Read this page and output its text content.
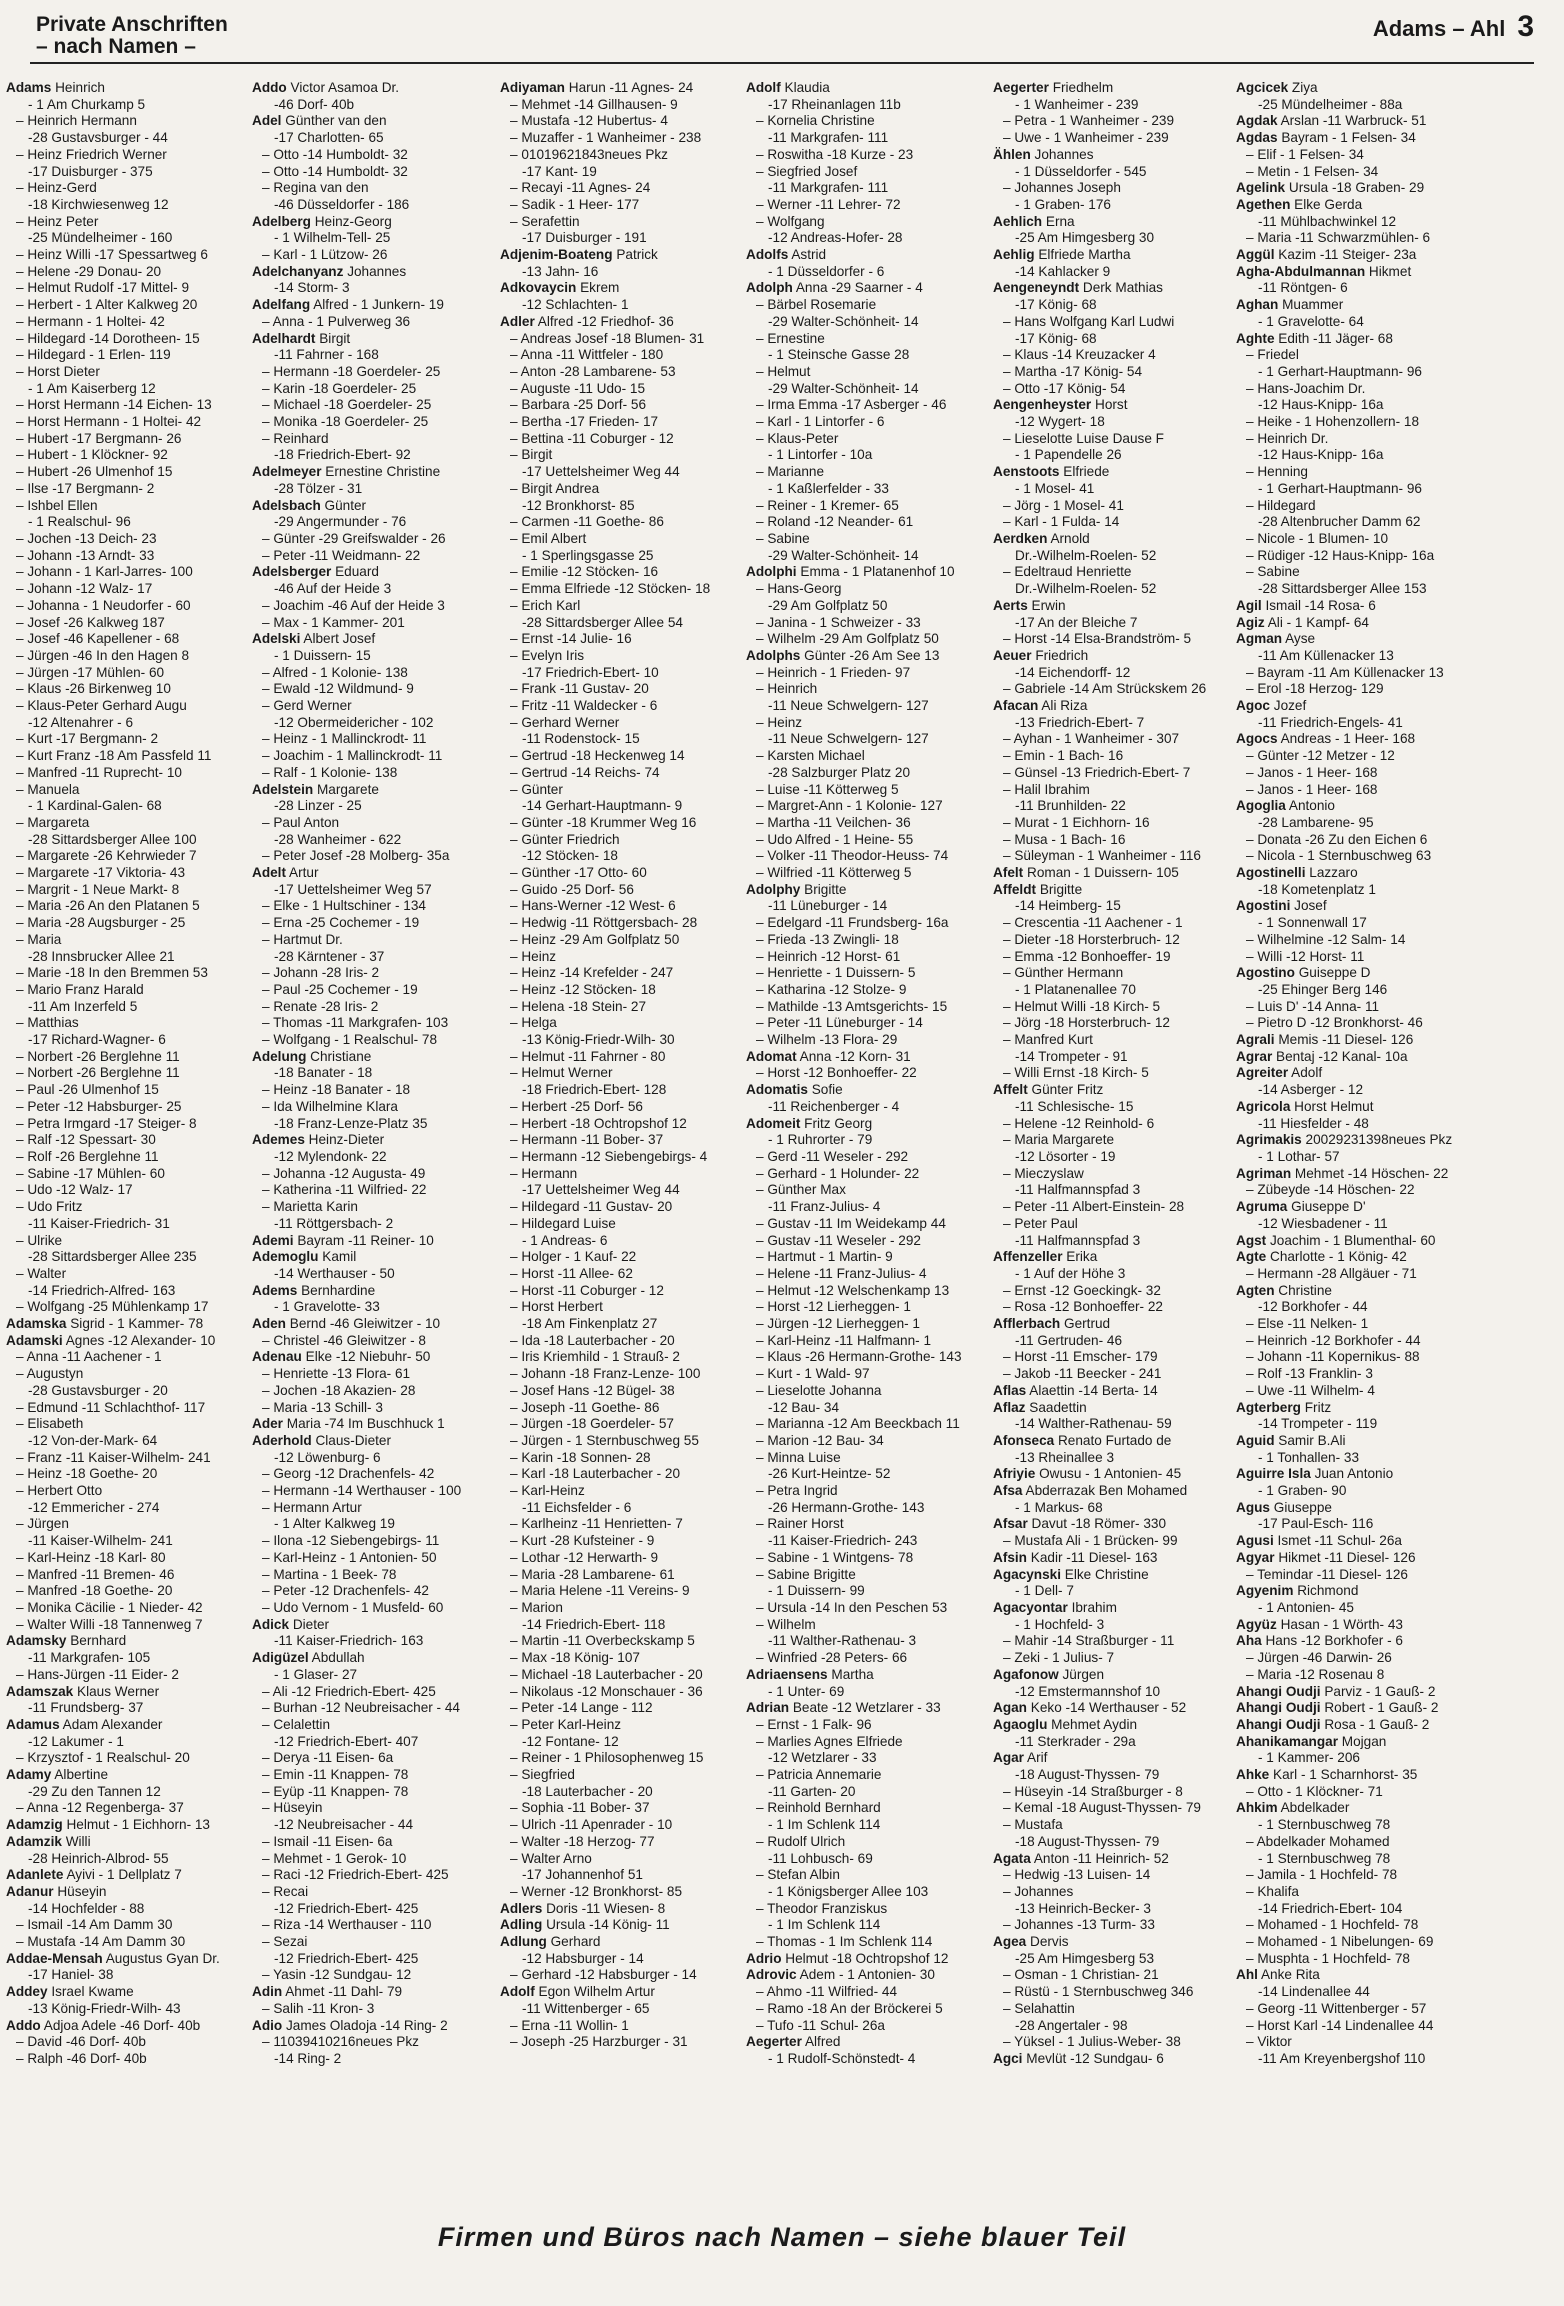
Private Anschriften
– nach Namen –
Adams – Ahl 3
Adams Heinrich
- 1 Am Churkamp 5
– Heinrich Hermann
-28 Gustavsburger - 44
– Heinz Friedrich Werner
-17 Duisburger - 375
– Heinz-Gerd
-18 Kirchwiesenweg 12
– Heinz Peter
-25 Mündelheimer - 160
– Heinz Willi -17 Spessartweg 6
– Helene -29 Donau- 20
– Helmut Rudolf -17 Mittel- 9
– Herbert - 1 Alter Kalkweg 20
– Hermann - 1 Holtei- 42
– Hildegard -14 Dorotheen- 15
– Hildegard - 1 Erlen- 119
– Horst Dieter
- 1 Am Kaiserberg 12
– Horst Hermann -14 Eichen- 13
– Horst Hermann - 1 Holtei- 42
– Hubert -17 Bergmann- 26
– Hubert - 1 Klöckner- 92
– Hubert -26 Ulmenhof 15
– Ilse -17 Bergmann- 2
– Ishbel Ellen
- 1 Realschul- 96
– Jochen -13 Deich- 23
– Johann -13 Arndt- 33
– Johann - 1 Karl-Jarres- 100
– Johann -12 Walz- 17
– Johanna - 1 Neudorfer - 60
– Josef -26 Kalkweg 187
– Josef -46 Kapellener - 68
– Jürgen -46 In den Hagen 8
– Jürgen -17 Mühlen- 60
– Klaus -26 Birkenweg 10
– Klaus-Peter Gerhard Augu
-12 Altenahrer - 6
– Kurt -17 Bergmann- 2
– Kurt Franz -18 Am Passfeld 11
– Manfred -11 Ruprecht- 10
– Manuela
- 1 Kardinal-Galen- 68
– Margareta
-28 Sittardsberger Allee 100
– Margarete -26 Kehrwieder 7
– Margarete -17 Viktoria- 43
– Margrit - 1 Neue Markt- 8
– Maria -26 An den Platanen 5
– Maria -28 Augsburger - 25
– Maria
-28 Innsbrucker Allee 21
– Marie -18 In den Bremmen 53
– Mario Franz Harald
-11 Am Inzerfeld 5
– Matthias
-17 Richard-Wagner- 6
– Norbert -26 Berglehne 11
– Norbert -26 Berglehne 11
– Paul -26 Ulmenhof 15
– Peter -12 Habsburger- 25
– Petra Irmgard -17 Steiger- 8
– Ralf -12 Spessart- 30
– Rolf -26 Berglehne 11
– Sabine -17 Mühlen- 60
– Udo -12 Walz- 17
– Udo Fritz
-11 Kaiser-Friedrich- 31
– Ulrike
-28 Sittardsberger Allee 235
– Walter
-14 Friedrich-Alfred- 163
– Wolfgang -25 Mühlenkamp 17
Adamska Sigrid - 1 Kammer- 78
Adamski Agnes -12 Alexander- 10
– Anna -11 Aachener - 1
– Augustyn
-28 Gustavsburger - 20
– Edmund -11 Schlachthof- 117
– Elisabeth
-12 Von-der-Mark- 64
– Franz -11 Kaiser-Wilhelm- 241
– Heinz -18 Goethe- 20
– Herbert Otto
-12 Emmericher - 274
– Jürgen
-11 Kaiser-Wilhelm- 241
– Karl-Heinz -18 Karl- 80
– Manfred -11 Bremen- 46
– Manfred -18 Goethe- 20
– Monika Cäcilie - 1 Nieder- 42
– Walter Willi -18 Tannenweg 7
Adamsky Bernhard
-11 Markgrafen- 105
– Hans-Jürgen -11 Eider- 2
Adamszak Klaus Werner
-11 Frundsberg- 37
Adamus Adam Alexander
-12 Lakumer - 1
– Krzysztof - 1 Realschul- 20
Adamy Albertine
-29 Zu den Tannen 12
– Anna -12 Regenberga- 37
Adamzig Helmut - 1 Eichhorn- 13
Adamzik Willi
-28 Heinrich-Albrod- 55
Adanlete Ayivi - 1 Dellplatz 7
Adanur Hüseyin
-14 Hochfelder - 88
– Ismail -14 Am Damm 30
– Mustafa -14 Am Damm 30
Addae-Mensah Augustus Gyan Dr.
-17 Haniel- 38
Addey Israel Kwame
-13 König-Friedr-Wilh- 43
Addo Adjoa Adele -46 Dorf- 40b
– David -46 Dorf- 40b
– Ralph -46 Dorf- 40b
Addo Victor Asamoa Dr.
-46 Dorf- 40b
Adel Günther van den
-17 Charlotten- 65
– Otto -14 Humboldt- 32
– Otto -14 Humboldt- 32
– Regina van den
-46 Düsseldorfer - 186
Adelberg Heinz-Georg
- 1 Wilhelm-Tell- 25
– Karl - 1 Lützow- 26
Adelchanyanz Johannes
-14 Storm- 3
Adelfang Alfred - 1 Junkern- 19
– Anna - 1 Pulverweg 36
Adelhardt Birgit
-11 Fahrner - 168
– Hermann -18 Goerdeler- 25
– Karin -18 Goerdeler- 25
– Michael -18 Goerdeler- 25
– Monika -18 Goerdeler- 25
– Reinhard
-18 Friedrich-Ebert- 92
Adelmeyer Ernestine Christine
-28 Tölzer - 31
Adelsbach Günter
-29 Angermunder - 76
– Günter -29 Greifswalder - 26
– Peter -11 Weidmann- 22
Adelsberger Eduard
-46 Auf der Heide 3
– Joachim -46 Auf der Heide 3
– Max - 1 Kammer- 201
Adelski Albert Josef
- 1 Duissern- 15
– Alfred - 1 Kolonie- 138
– Ewald -12 Wildmund- 9
– Gerd Werner
-12 Obermeidericher - 102
– Heinz - 1 Mallinckrodt- 11
– Joachim - 1 Mallinckrodt- 11
– Ralf - 1 Kolonie- 138
Adelstein Margarete
-28 Linzer - 25
– Paul Anton
-28 Wanheimer - 622
– Peter Josef -28 Molberg- 35a
Adelt Artur
-17 Uettelsheimer Weg 57
– Elke - 1 Hultschiner - 134
– Erna -25 Cochemer - 19
– Hartmut Dr.
-28 Kärntener - 37
– Johann -28 Iris- 2
– Paul -25 Cochemer - 19
– Renate -28 Iris- 2
– Thomas -11 Markgrafen- 103
– Wolfgang - 1 Realschul- 78
Adelung Christiane
-18 Banater - 18
– Heinz -18 Banater - 18
– Ida Wilhelmine Klara
-18 Franz-Lenze-Platz 35
Ademes Heinz-Dieter
-12 Mylendonk- 22
– Johanna -12 Augusta- 49
– Katherina -11 Wilfried- 22
– Marietta Karin
-11 Röttgersbach- 2
Ademi Bayram -11 Reiner- 10
Ademoglu Kamil
-14 Werthauser - 50
Adems Bernhardine
- 1 Gravelotte- 33
Aden Bernd -46 Gleiwitzer - 10
– Christel -46 Gleiwitzer - 8
Adenau Elke -12 Niebuhr- 50
– Henriette -13 Flora- 61
– Jochen -18 Akazien- 28
– Maria -13 Schill- 3
Ader Maria -74 Im Buschhuck 1
Aderhold Claus-Dieter
-12 Löwenburg- 6
– Georg -12 Drachenfels- 42
– Hermann -14 Werthauser - 100
– Hermann Artur
- 1 Alter Kalkweg 19
– Ilona -12 Siebengebirgs- 11
– Karl-Heinz - 1 Antonien- 50
– Martina - 1 Beek- 78
– Peter -12 Drachenfels- 42
– Udo Vernom - 1 Musfeld- 60
Adick Dieter
-11 Kaiser-Friedrich- 163
Adigüzel Abdullah
- 1 Glaser- 27
– Ali -12 Friedrich-Ebert- 425
– Burhan -12 Neubreisacher - 44
– Celalettin
-12 Friedrich-Ebert- 407
– Derya -11 Eisen- 6a
– Emin -11 Knappen- 78
– Eyüp -11 Knappen- 78
– Hüseyin
-12 Neubreisacher - 44
– Ismail -11 Eisen- 6a
– Mehmet - 1 Gerok- 10
– Raci -12 Friedrich-Ebert- 425
– Recai
-12 Friedrich-Ebert- 425
– Riza -14 Werthauser - 110
– Sezai
-12 Friedrich-Ebert- 425
– Yasin -12 Sundgau- 12
Adin Ahmet -11 Dahl- 79
– Salih -11 Kron- 3
Adio James Oladoja -14 Ring- 2
– 11039410216neues Pkz
-14 Ring- 2
Adiyaman Harun -11 Agnes- 24
– Mehmet -14 Gillhausen- 9
– Mustafa -12 Hubertus- 4
– Muzaffer - 1 Wanheimer - 238
– 01019621843neues Pkz
-17 Kant- 19
– Recayi -11 Agnes- 24
– Sadik - 1 Heer- 177
– Serafettin
-17 Duisburger - 191
Adjenim-Boateng Patrick
-13 Jahn- 16
Adkovaycin Ekrem
-12 Schlachten- 1
Adler Alfred -12 Friedhof- 36
– Andreas Josef -18 Blumen- 31
– Anna -11 Wittfeler - 180
– Anton -28 Lambarene- 53
– Auguste -11 Udo- 15
– Barbara -25 Dorf- 56
– Bertha -17 Frieden- 17
– Bettina -11 Coburger - 12
– Birgit
-17 Uettelsheimer Weg 44
– Birgit Andrea
-12 Bronkhorst- 85
– Carmen -11 Goethe- 86
– Emil Albert
- 1 Sperlingsgasse 25
– Emilie -12 Stöcken- 16
– Emma Elfriede -12 Stöcken- 18
– Erich Karl
-28 Sittardsberger Allee 54
– Ernst -14 Julie- 16
– Evelyn Iris
-17 Friedrich-Ebert- 10
– Frank -11 Gustav- 20
– Fritz -11 Waldecker - 6
– Gerhard Werner
-11 Rodenstock- 15
– Gertrud -18 Heckenweg 14
– Gertrud -14 Reichs- 74
– Günter
-14 Gerhart-Hauptmann- 9
– Günter -18 Krummer Weg 16
– Günter Friedrich
-12 Stöcken- 18
– Günther -17 Otto- 60
– Guido -25 Dorf- 56
– Hans-Werner -12 West- 6
– Hedwig -11 Röttgersbach- 28
– Heinz -29 Am Golfplatz 50
– Heinz
– Heinz -14 Krefelder - 247
– Heinz -12 Stöcken- 18
– Helena -18 Stein- 27
– Helga
-13 König-Friedr-Wilh- 30
– Helmut -11 Fahrner - 80
– Helmut Werner
-18 Friedrich-Ebert- 128
– Herbert -25 Dorf- 56
– Herbert -18 Ochtropshof 12
– Hermann -11 Bober- 37
– Hermann -12 Siebengebirgs- 4
– Hermann
-17 Uettelsheimer Weg 44
– Hildegard -11 Gustav- 20
– Hildegard Luise
- 1 Andreas- 6
– Holger - 1 Kauf- 22
– Horst -11 Allee- 62
– Horst -11 Coburger - 12
– Horst Herbert
-18 Am Finkenplatz 27
– Ida -18 Lauterbacher - 20
– Iris Kriemhild - 1 Strauß- 2
– Johann -18 Franz-Lenze- 100
– Josef Hans -12 Bügel- 38
– Joseph -11 Goethe- 86
– Jürgen -18 Goerdeler- 57
– Jürgen - 1 Sternbuschweg 55
– Karin -18 Sonnen- 28
– Karl -18 Lauterbacher - 20
– Karl-Heinz
-11 Eichsfelder - 6
– Karlheinz -11 Henrietten- 7
– Kurt -28 Kufsteiner - 9
– Lothar -12 Herwarth- 9
– Maria -28 Lambarene- 61
– Maria Helene -11 Vereins- 9
– Marion
-14 Friedrich-Ebert- 118
– Martin -11 Overbeckskamp 5
– Max -18 König- 107
– Michael -18 Lauterbacher - 20
– Nikolaus -12 Monschauer - 36
– Peter -14 Lange - 112
– Peter Karl-Heinz
-12 Fontane- 12
– Reiner - 1 Philosophenweg 15
– Siegfried
-18 Lauterbacher - 20
– Sophia -11 Bober- 37
– Ulrich -11 Apenrader - 10
– Walter -18 Herzog- 77
– Walter Arno
-17 Johannenhof 51
– Werner -12 Bronkhorst- 85
Adlers Doris -11 Wiesen- 8
Adling Ursula -14 König- 11
Adlung Gerhard
-12 Habsburger - 14
– Gerhard -12 Habsburger - 14
Adolf Egon Wilhelm Artur
-11 Wittenberger - 65
– Erna -11 Wollin- 1
– Joseph -25 Harzburger - 31
Adolf Klaudia
-17 Rheinanlagen 11b
– Kornelia Christine
-11 Markgrafen- 111
– Roswitha -18 Kurze - 23
– Siegfried Josef
-11 Markgrafen- 111
– Werner -11 Lehrer- 72
– Wolfgang
-12 Andreas-Hofer- 28
Adolfs Astrid
- 1 Düsseldorfer - 6
Adolph Anna -29 Saarner - 4
– Bärbel Rosemarie
-29 Walter-Schönheit- 14
– Ernestine
- 1 Steinsche Gasse 28
– Helmut
-29 Walter-Schönheit- 14
– Irma Emma -17 Asberger - 46
– Karl - 1 Lintorfer - 6
– Klaus-Peter
- 1 Lintorfer - 10a
– Marianne
- 1 Kaßlerfelder - 33
– Reiner - 1 Kremer- 65
– Roland -12 Neander- 61
– Sabine
-29 Walter-Schönheit- 14
Adolphi Emma - 1 Platanenhof 10
– Hans-Georg
-29 Am Golfplatz 50
– Janina - 1 Schweizer - 33
– Wilhelm -29 Am Golfplatz 50
Adolphs Günter -26 Am See 13
– Heinrich - 1 Frieden- 97
– Heinrich
-11 Neue Schwelgern- 127
– Heinz
-11 Neue Schwelgern- 127
– Karsten Michael
-28 Salzburger Platz 20
– Luise -11 Kötterweg 5
– Margret-Ann - 1 Kolonie- 127
– Martha -11 Veilchen- 36
– Udo Alfred - 1 Heine- 55
– Volker -11 Theodor-Heuss- 74
– Wilfried -11 Kötterweg 5
Adolphy Brigitte
-11 Lüneburger - 14
– Edelgard -11 Frundsberg- 16a
– Frieda -13 Zwingli- 18
– Heinrich -12 Horst- 61
– Henriette - 1 Duissern- 5
– Katharina -12 Stolze- 9
– Mathilde -13 Amtsgerichts- 15
– Peter -11 Lüneburger - 14
– Wilhelm -13 Flora- 29
Adomat Anna -12 Korn- 31
– Horst -12 Bonhoeffer- 22
Adomatis Sofie
-11 Reichenberger - 4
Adomeit Fritz Georg
- 1 Ruhrorter - 79
– Gerd -11 Weseler - 292
– Gerhard - 1 Holunder- 22
– Günther Max
-11 Franz-Julius- 4
– Gustav -11 Im Weidekamp 44
– Gustav -11 Weseler - 292
– Hartmut - 1 Martin- 9
– Helene -11 Franz-Julius- 4
– Helmut -12 Welschenkamp 13
– Horst -12 Lierheggen- 1
– Jürgen -12 Lierheggen- 1
– Karl-Heinz -11 Halfmann- 1
– Klaus -26 Hermann-Grothe- 143
– Kurt - 1 Wald- 97
– Lieselotte Johanna
-12 Bau- 34
– Marianna -12 Am Beeckbach 11
– Marion -12 Bau- 34
– Minna Luise
-26 Kurt-Heintze- 52
– Petra Ingrid
-26 Hermann-Grothe- 143
– Rainer Horst
-11 Kaiser-Friedrich- 243
– Sabine - 1 Wintgens- 78
– Sabine Brigitte
- 1 Duissern- 99
– Ursula -14 In den Peschen 53
– Wilhelm
-11 Walther-Rathenau- 3
– Winfried -28 Peters- 66
Adriaensens Martha
- 1 Unter- 69
Adrian Beate -12 Wetzlarer - 33
– Ernst - 1 Falk- 96
– Marlies Agnes Elfriede
-12 Wetzlarer - 33
– Patricia Annemarie
-11 Garten- 20
– Reinhold Bernhard
- 1 Im Schlenk 114
– Rudolf Ulrich
-11 Lohbusch- 69
– Stefan Albin
- 1 Königsberger Allee 103
– Theodor Franziskus
- 1 Im Schlenk 114
– Thomas - 1 Im Schlenk 114
Adrio Helmut -18 Ochtropshof 12
Adrovic Adem - 1 Antonien- 30
– Ahmo -11 Wilfried- 44
– Ramo -18 An der Bröckerei 5
– Tufo -11 Schul- 26a
Aegerter Alfred
- 1 Rudolf-Schönstedt- 4
Aegerter Friedhelm
- 1 Wanheimer - 239
– Petra - 1 Wanheimer - 239
– Uwe - 1 Wanheimer - 239
Ählen Johannes
- 1 Düsseldorfer - 545
– Johannes Joseph
- 1 Graben- 176
Aehlich Erna
-25 Am Himgesberg 30
Aehlig Elfriede Martha
-14 Kahlacker 9
Aengeneyndt Derk Mathias
-17 König- 68
– Hans Wolfgang Karl Ludwi
-17 König- 68
– Klaus -14 Kreuzacker 4
– Martha -17 König- 54
– Otto -17 König- 54
Aengenheyster Horst
-12 Wygert- 18
– Lieselotte Luise Dause F
- 1 Papendelle 26
Aenstoots Elfriede
- 1 Mosel- 41
– Jörg - 1 Mosel- 41
– Karl - 1 Fulda- 14
Aerdken Arnold
Dr.-Wilhelm-Roelen- 52
– Edeltraud Henriette
Dr.-Wilhelm-Roelen- 52
Aerts Erwin
-17 An der Bleiche 7
– Horst -14 Elsa-Brandström- 5
Aeuer Friedrich
-14 Eichendorff- 12
– Gabriele -14 Am Strückskem 26
Afacan Ali Riza
-13 Friedrich-Ebert- 7
– Ayhan - 1 Wanheimer - 307
– Emin - 1 Bach- 16
– Günsel -13 Friedrich-Ebert- 7
– Halil Ibrahim
-11 Brunhilden- 22
– Murat - 1 Eichhorn- 16
– Musa - 1 Bach- 16
– Süleyman - 1 Wanheimer - 116
Afelt Roman - 1 Duissern- 105
Affeldt Brigitte
-14 Heimberg- 15
– Crescentia -11 Aachener - 1
– Dieter -18 Horsterbruch- 12
– Emma -12 Bonhoeffer- 19
– Günther Hermann
- 1 Platanenallee 70
– Helmut Willi -18 Kirch- 5
– Jörg -18 Horsterbruch- 12
– Manfred Kurt
-14 Trompeter - 91
– Willi Ernst -18 Kirch- 5
Affelt Günter Fritz
-11 Schlesische- 15
– Helene -12 Reinhold- 6
– Maria Margarete
-12 Lösorter - 19
– Mieczyslaw
-11 Halfmannspfad 3
– Peter -11 Albert-Einstein- 28
– Peter Paul
-11 Halfmannspfad 3
Affenzeller Erika
- 1 Auf der Höhe 3
– Ernst -12 Goeckingk- 32
– Rosa -12 Bonhoeffer- 22
Afflerbach Gertrud
-11 Gertruden- 46
– Horst -11 Emscher- 179
– Jakob -11 Beecker - 241
Aflas Alaettin -14 Berta- 14
Aflaz Saadettin
-14 Walther-Rathenau- 59
Afonseca Renato Furtado de
-13 Rheinallee 3
Afriyie Owusu - 1 Antonien- 45
Afsa Abderrazak Ben Mohamed
- 1 Markus- 68
Afsar Davut -18 Römer- 330
– Mustafa Ali - 1 Brücken- 99
Afsin Kadir -11 Diesel- 163
Agacynski Elke Christine
- 1 Dell- 7
Agacyontar Ibrahim
- 1 Hochfeld- 3
– Mahir -14 Straßburger - 11
– Zeki - 1 Julius- 7
Agafonow Jürgen
-12 Emstermannshof 10
Agan Keko -14 Werthauser - 52
Agaoglu Mehmet Aydin
-11 Sterkrader - 29a
Agar Arif
-18 August-Thyssen- 79
– Hüseyin -14 Straßburger - 8
– Kemal -18 August-Thyssen- 79
– Mustafa
-18 August-Thyssen- 79
Agata Anton -11 Heinrich- 52
– Hedwig -13 Luisen- 14
– Johannes
-13 Heinrich-Becker- 3
– Johannes -13 Turm- 33
Agea Dervis
-25 Am Himgesberg 53
– Osman - 1 Christian- 21
– Rüstü - 1 Sternbuschweg 346
– Selahattin
-28 Angertaler - 98
– Yüksel - 1 Julius-Weber- 38
Agci Mevlüt -12 Sundgau- 6
Agcicek Ziya
-25 Mündelheimer - 88a
Agdak Arslan -11 Warbruck- 51
Agdas Bayram - 1 Felsen- 34
– Elif - 1 Felsen- 34
– Metin - 1 Felsen- 34
Agelink Ursula -18 Graben- 29
Agethen Elke Gerda
-11 Mühlbachwinkel 12
– Maria -11 Schwarzmühlen- 6
Aggül Kazim -11 Steiger- 23a
Agha-Abdulmannan Hikmet
-11 Röntgen- 6
Aghan Muammer
- 1 Gravelotte- 64
Aghte Edith -11 Jäger- 68
– Friedel
- 1 Gerhart-Hauptmann- 96
– Hans-Joachim Dr.
-12 Haus-Knipp- 16a
– Heike - 1 Hohenzollern- 18
– Heinrich Dr.
-12 Haus-Knipp- 16a
– Henning
- 1 Gerhart-Hauptmann- 96
– Hildegard
-28 Altenbrucher Damm 62
– Nicole - 1 Blumen- 10
– Rüdiger -12 Haus-Knipp- 16a
– Sabine
-28 Sittardsberger Allee 153
Agil Ismail -14 Rosa- 6
Agiz Ali - 1 Kampf- 64
Agman Ayse
-11 Am Küllenacker 13
– Bayram -11 Am Küllenacker 13
– Erol -18 Herzog- 129
Agoc Jozef
-11 Friedrich-Engels- 41
Agocs Andreas - 1 Heer- 168
– Günter -12 Metzer - 12
– Janos - 1 Heer- 168
– Janos - 1 Heer- 168
Agoglia Antonio
-28 Lambarene- 95
– Donata -26 Zu den Eichen 6
– Nicola - 1 Sternbuschweg 63
Agostinelli Lazzaro
-18 Kometenplatz 1
Agostini Josef
- 1 Sonnenwall 17
– Wilhelmine -12 Salm- 14
– Willi -12 Horst- 11
Agostino Guiseppe D
-25 Ehinger Berg 146
– Luis D' -14 Anna- 11
– Pietro D -12 Bronkhorst- 46
Agrali Memis -11 Diesel- 126
Agrar Bentaj -12 Kanal- 10a
Agreiter Adolf
-14 Asberger - 12
Agricola Horst Helmut
-11 Hiesfelder - 48
Agrimakis 20029231398neues Pkz
- 1 Lothar- 57
Agriman Mehmet -14 Höschen- 22
– Zübeyde -14 Höschen- 22
Agruma Giuseppe D'
-12 Wiesbadener - 11
Agst Joachim - 1 Blumenthal- 60
Agte Charlotte - 1 König- 42
– Hermann -28 Allgäuer - 71
Agten Christine
-12 Borkhofer - 44
– Else -11 Nelken- 1
– Heinrich -12 Borkhofer - 44
– Johann -11 Kopernikus- 88
– Rolf -13 Franklin- 3
– Uwe -11 Wilhelm- 4
Agterberg Fritz
-14 Trompeter - 119
Aguid Samir B.Ali
- 1 Tonhallen- 33
Aguirre Isla Juan Antonio
- 1 Graben- 90
Agus Giuseppe
-17 Paul-Esch- 116
Agusi Ismet -11 Schul- 26a
Agyar Hikmet -11 Diesel- 126
– Temindar -11 Diesel- 126
Agyenim Richmond
- 1 Antonien- 45
Agyüz Hasan - 1 Wörth- 43
Aha Hans -12 Borkhofer - 6
– Jürgen -46 Darwin- 26
– Maria -12 Rosenau 8
Ahangi Oudji Parviz - 1 Gauß- 2
Ahangi Oudji Robert - 1 Gauß- 2
Ahangi Oudji Rosa - 1 Gauß- 2
Ahanikamangar Mojgan
- 1 Kammer- 206
Ahke Karl - 1 Scharnhorst- 35
– Otto - 1 Klöckner- 71
Ahkim Abdelkader
- 1 Sternbuschweg 78
– Abdelkader Mohamed
- 1 Sternbuschweg 78
– Jamila - 1 Hochfeld- 78
– Khalifa
-14 Friedrich-Ebert- 104
– Mohamed - 1 Hochfeld- 78
– Mohamed - 1 Nibelungen- 69
– Musphta - 1 Hochfeld- 78
Ahl Anke Rita
-14 Lindenallee 44
– Georg -11 Wittenberger - 57
– Horst Karl -14 Lindenallee 44
– Viktor
-11 Am Kreyenbergshof 110
Firmen und Büros nach Namen – siehe blauer Teil
